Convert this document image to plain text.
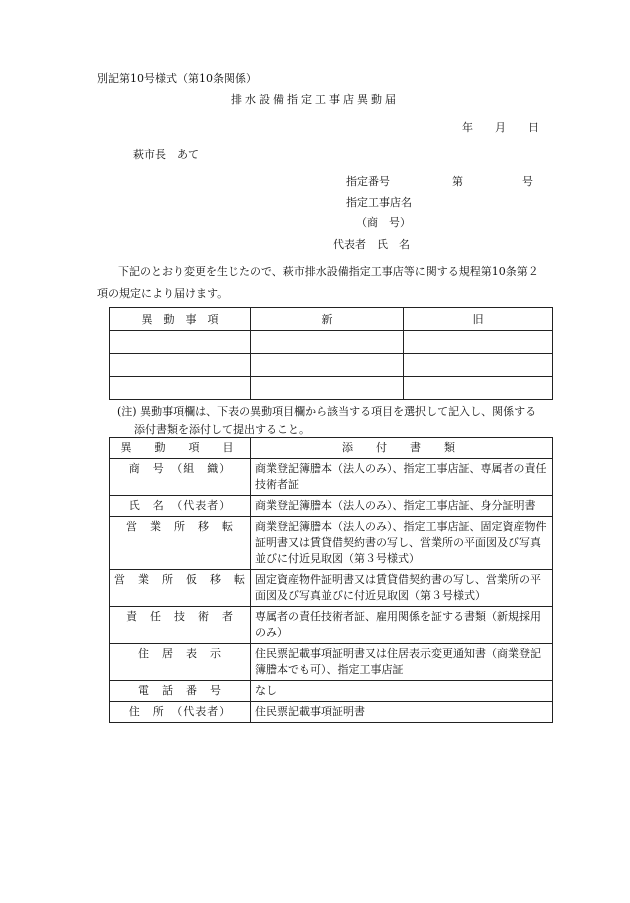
別記第10号様式（第10条関係）
排水設備指定工事店異動届
年　　月　　日
萩市長　あて
指定番号	第	号
指定工事店名
（商　号）
代表者　氏　名
下記のとおり変更を生じたので、萩市排水設備指定工事店等に関する規程第10条第２
項の規定により届けます。
異　動　事　項	新	旧

(注) 異動事項欄は、下表の異動項目欄から該当する項目を選択して記入し、関係する
添付書類を添付して提出すること。
異　動　項　目	添　付　書　類
商　号　（組　織）	商業登記簿謄本（法人のみ）、指定工事店証、専属者の責任技術者証
氏　名　（代表者）	商業登記簿謄本（法人のみ）、指定工事店証、身分証明書
営　業　所　移　転	商業登記簿謄本（法人のみ）、指定工事店証、固定資産物件証明書又は賃貸借契約書の写し、営業所の平面図及び写真並びに付近見取図（第３号様式）
営　業　所　仮　移　転	固定資産物件証明書又は賃貸借契約書の写し、営業所の平面図及び写真並びに付近見取図（第３号様式）
責　任　技　術　者	専属者の責任技術者証、雇用関係を証する書類（新規採用のみ）
住　居　表　示	住民票記載事項証明書又は住居表示変更通知書（商業登記簿謄本でも可）、指定工事店証
電　話　番　号	なし
住　所　（代表者）	住民票記載事項証明書
